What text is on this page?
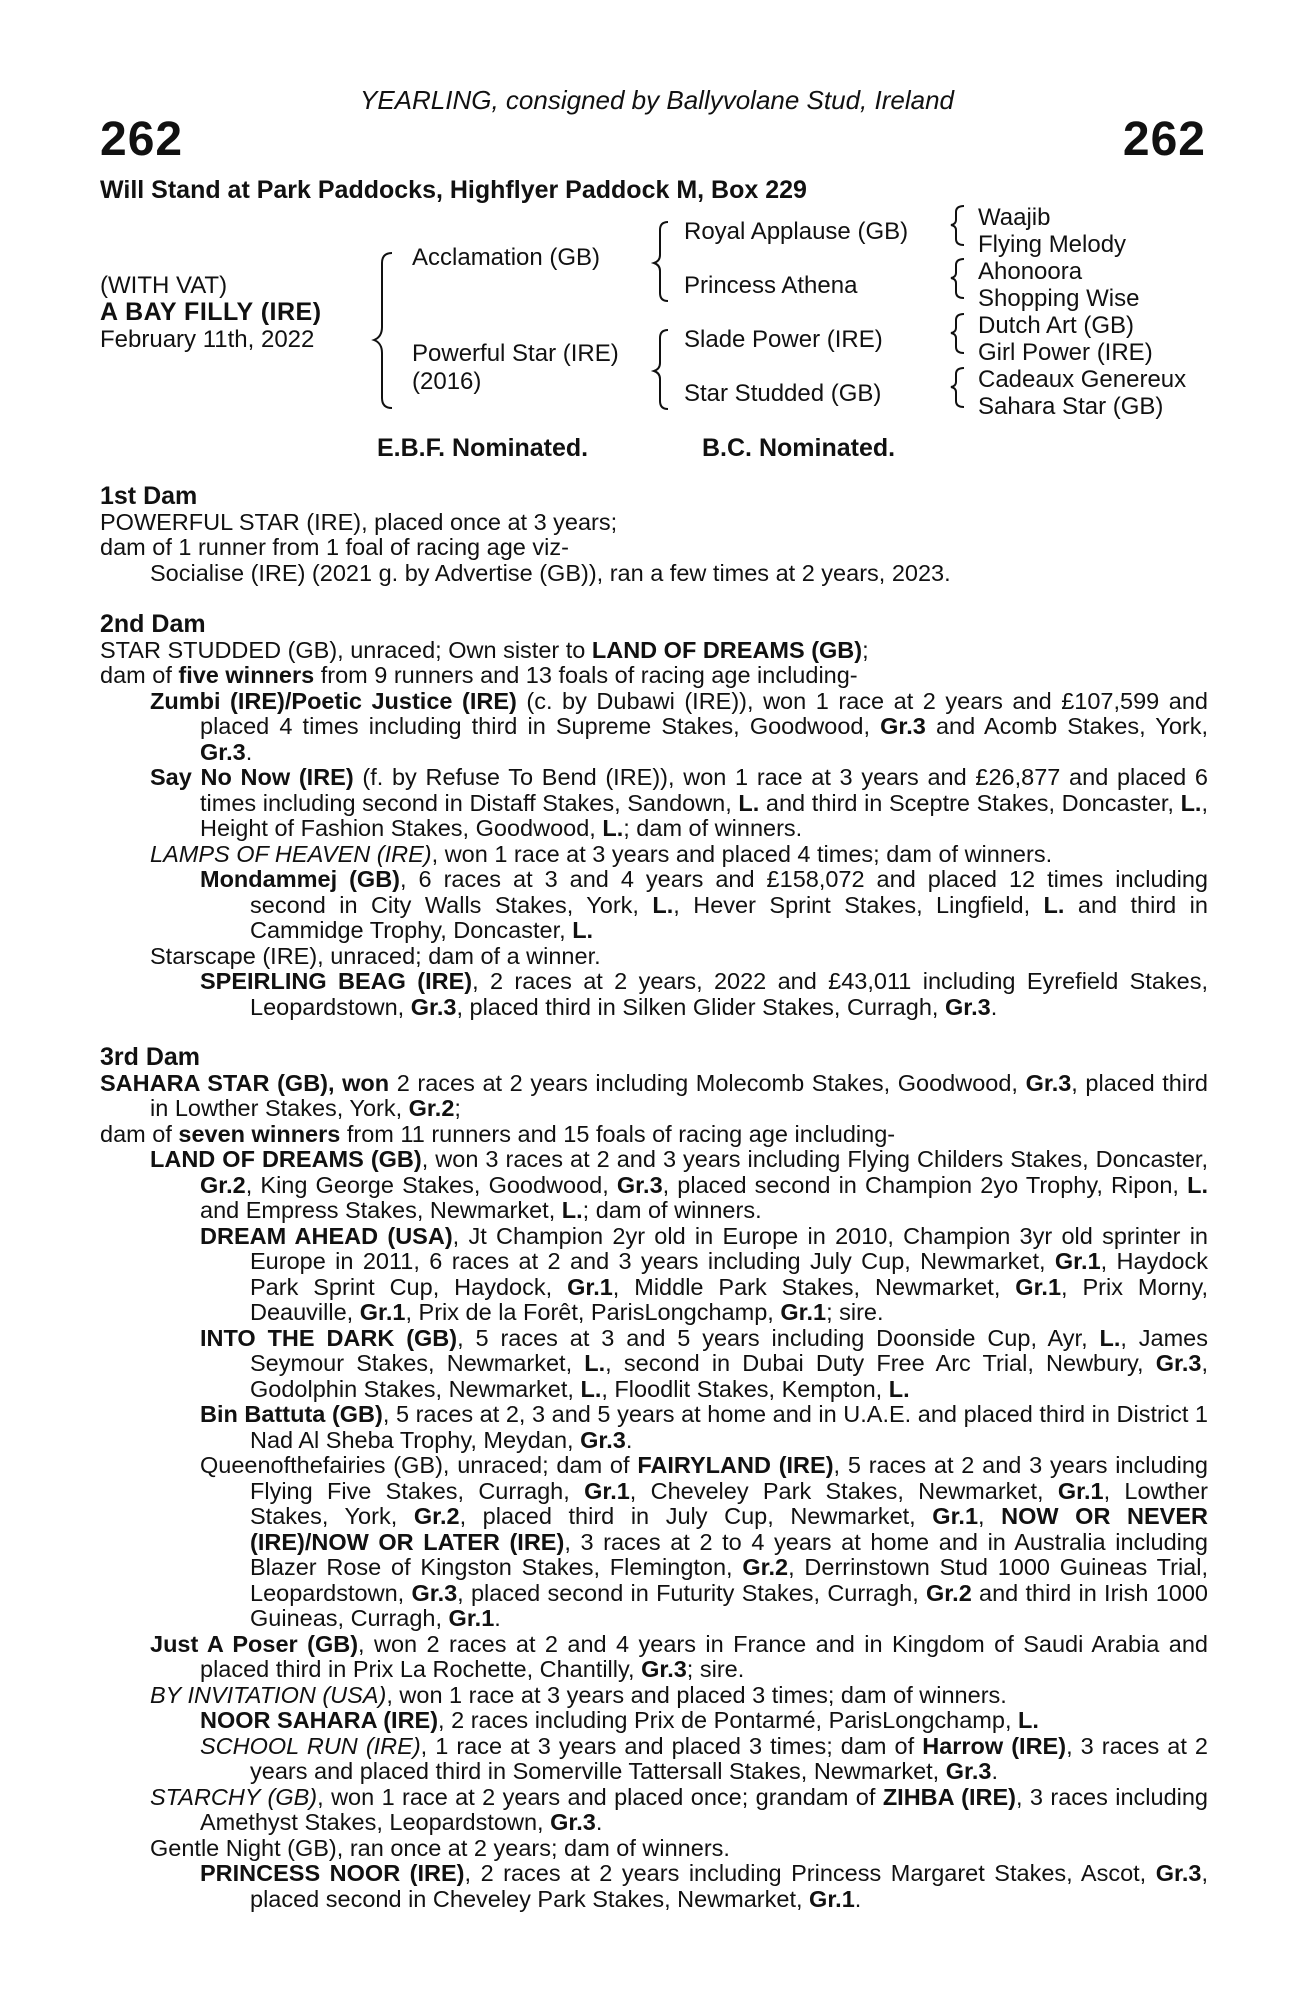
YEARLING, consigned by Ballyvolane Stud, Ireland
262	262
Will Stand at Park Paddocks, Highflyer Paddock M, Box 229
(WITH VAT)
A BAY FILLY (IRE)
February 11th, 2022
Acclamation (GB)
Powerful Star (IRE)
(2016)
Royal Applause (GB)
Princess Athena
Slade Power (IRE)
Star Studded (GB)
Waajib
Flying Melody
Ahonoora
Shopping Wise
Dutch Art (GB)
Girl Power (IRE)
Cadeaux Genereux
Sahara Star (GB)
E.B.F. Nominated.	B.C. Nominated.

1st Dam

POWERFUL STAR (IRE), placed once at 3 years;

dam of 1 runner from 1 foal of racing age viz-

Socialise (IRE) (2021 g. by Advertise (GB)), ran a few times at 2 years, 2023.

2nd Dam

STAR STUDDED (GB), unraced; Own sister to LAND OF DREAMS (GB);

dam of five winners from 9 runners and 13 foals of racing age including-

Zumbi (IRE)/Poetic Justice (IRE) (c. by Dubawi (IRE)), won 1 race at 2 years and £107,599 and placed 4 times including third in Supreme Stakes, Goodwood, Gr.3 and Acomb Stakes, York, Gr.3.

Say No Now (IRE) (f. by Refuse To Bend (IRE)), won 1 race at 3 years and £26,877 and placed 6 times including second in Distaff Stakes, Sandown, L. and third in Sceptre Stakes, Doncaster, L., Height of Fashion Stakes, Goodwood, L.; dam of winners.

LAMPS OF HEAVEN (IRE), won 1 race at 3 years and placed 4 times; dam of winners.

Mondammej (GB), 6 races at 3 and 4 years and £158,072 and placed 12 times including second in City Walls Stakes, York, L., Hever Sprint Stakes, Lingfield, L. and third in Cammidge Trophy, Doncaster, L.

Starscape (IRE), unraced; dam of a winner.

SPEIRLING BEAG (IRE), 2 races at 2 years, 2022 and £43,011 including Eyrefield Stakes, Leopardstown, Gr.3, placed third in Silken Glider Stakes, Curragh, Gr.3.

3rd Dam

SAHARA STAR (GB), won 2 races at 2 years including Molecomb Stakes, Goodwood, Gr.3, placed third in Lowther Stakes, York, Gr.2;

dam of seven winners from 11 runners and 15 foals of racing age including-

LAND OF DREAMS (GB), won 3 races at 2 and 3 years including Flying Childers Stakes, Doncaster, Gr.2, King George Stakes, Goodwood, Gr.3, placed second in Champion 2yo Trophy, Ripon, L. and Empress Stakes, Newmarket, L.; dam of winners.

DREAM AHEAD (USA), Jt Champion 2yr old in Europe in 2010, Champion 3yr old sprinter in Europe in 2011, 6 races at 2 and 3 years including July Cup, Newmarket, Gr.1, Haydock Park Sprint Cup, Haydock, Gr.1, Middle Park Stakes, Newmarket, Gr.1, Prix Morny, Deauville, Gr.1, Prix de la Forêt, ParisLongchamp, Gr.1; sire.

INTO THE DARK (GB), 5 races at 3 and 5 years including Doonside Cup, Ayr, L., James Seymour Stakes, Newmarket, L., second in Dubai Duty Free Arc Trial, Newbury, Gr.3, Godolphin Stakes, Newmarket, L., Floodlit Stakes, Kempton, L.

Bin Battuta (GB), 5 races at 2, 3 and 5 years at home and in U.A.E. and placed third in District 1 Nad Al Sheba Trophy, Meydan, Gr.3.

Queenofthefairies (GB), unraced; dam of FAIRYLAND (IRE), 5 races at 2 and 3 years including Flying Five Stakes, Curragh, Gr.1, Cheveley Park Stakes, Newmarket, Gr.1, Lowther Stakes, York, Gr.2, placed third in July Cup, Newmarket, Gr.1, NOW OR NEVER (IRE)/NOW OR LATER (IRE), 3 races at 2 to 4 years at home and in Australia including Blazer Rose of Kingston Stakes, Flemington, Gr.2, Derrinstown Stud 1000 Guineas Trial, Leopardstown, Gr.3, placed second in Futurity Stakes, Curragh, Gr.2 and third in Irish 1000 Guineas, Curragh, Gr.1.

Just A Poser (GB), won 2 races at 2 and 4 years in France and in Kingdom of Saudi Arabia and placed third in Prix La Rochette, Chantilly, Gr.3; sire.

BY INVITATION (USA), won 1 race at 3 years and placed 3 times; dam of winners.

NOOR SAHARA (IRE), 2 races including Prix de Pontarmé, ParisLongchamp, L.

SCHOOL RUN (IRE), 1 race at 3 years and placed 3 times; dam of Harrow (IRE), 3 races at 2 years and placed third in Somerville Tattersall Stakes, Newmarket, Gr.3.

STARCHY (GB), won 1 race at 2 years and placed once; grandam of ZIHBA (IRE), 3 races including Amethyst Stakes, Leopardstown, Gr.3.

Gentle Night (GB), ran once at 2 years; dam of winners.

PRINCESS NOOR (IRE), 2 races at 2 years including Princess Margaret Stakes, Ascot, Gr.3, placed second in Cheveley Park Stakes, Newmarket, Gr.1.
